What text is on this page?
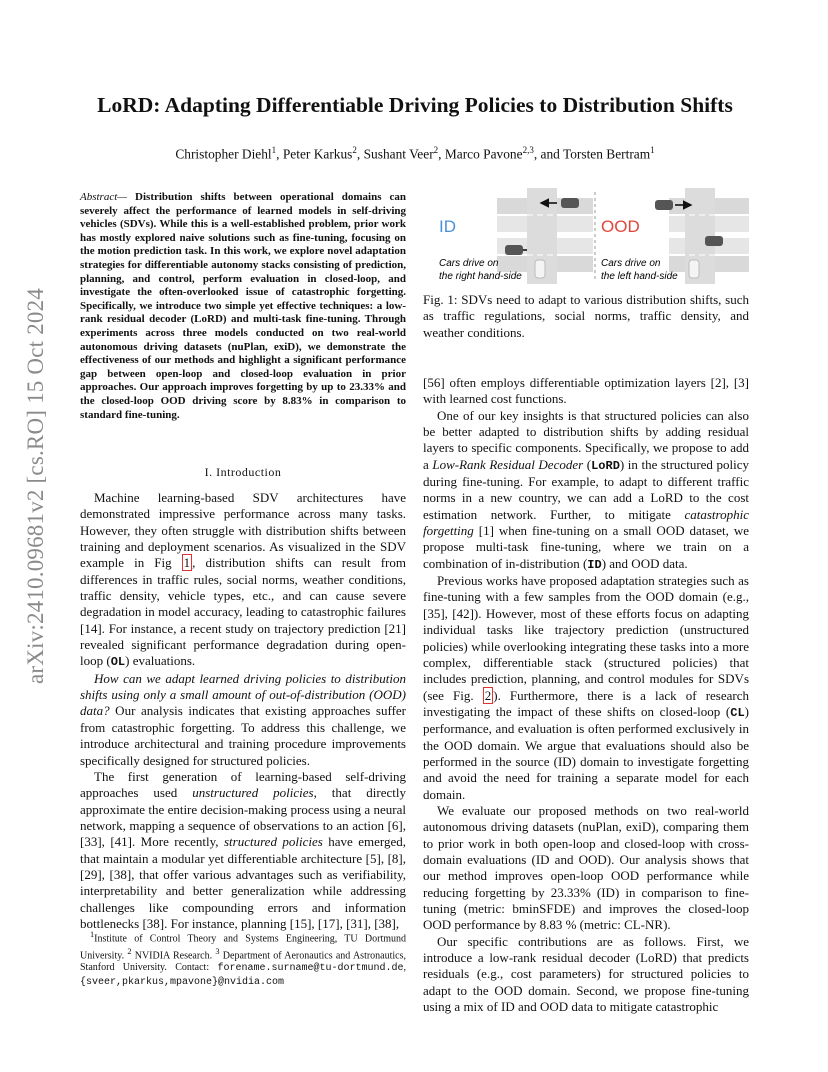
arXiv:2410.09681v2 [cs.RO] 15 Oct 2024
LoRD: Adapting Differentiable Driving Policies to Distribution Shifts

Christopher Diehl$^1$, Peter Karkus$^2$, Sushant Veer$^2$, Marco Pavone$^{2,3}$, and Torsten Bertram$^1$

Abstract— Distribution shifts between operational domains can severely affect the performance of learned models in self-driving vehicles (SDVs). While this is a well-established problem, prior work has mostly explored naive solutions such as fine-tuning, focusing on the motion prediction task. In this work, we explore novel adaptation strategies for differentiable autonomy stacks consisting of prediction, planning, and control, perform evaluation in closed-loop, and investigate the often-overlooked issue of catastrophic forgetting. Specifically, we introduce two simple yet effective techniques: a low-rank residual decoder (LoRD) and multi-task fine-tuning. Through experiments across three models conducted on two real-world autonomous driving datasets (nuPlan, exiD), we demonstrate the effectiveness of our methods and highlight a significant performance gap between open-loop and closed-loop evaluation in prior approaches. Our approach improves forgetting by up to 23.33% and the closed-loop OOD driving score by 8.83% in comparison to standard fine-tuning.
I. Introduction

Machine learning-based SDV architectures have demonstrated impressive performance across many tasks. However, they often struggle with distribution shifts between training and deployment scenarios. As visualized in the SDV example in Fig 1 , distribution shifts can result from differences in traffic rules, social norms, weather conditions, traffic density, vehicle types, etc., and can cause severe degradation in model accuracy, leading to catastrophic failures [14]. For instance, a recent study on trajectory prediction [21] revealed significant performance degradation during open-loop (OL) evaluations.

How can we adapt learned driving policies to distribution shifts using only a small amount of out-of-distribution (OOD) data? Our analysis indicates that existing approaches suffer from catastrophic forgetting. To address this challenge, we introduce architectural and training procedure improvements specifically designed for structured policies.

The first generation of learning-based self-driving approaches used unstructured policies, that directly approximate the entire decision-making process using a neural network, mapping a sequence of observations to an action [6], [33], [41]. More recently, structured policies have emerged, that maintain a modular yet differentiable architecture [5], [8], [29], [38], that offer various advantages such as verifiability, interpretability and better generalization while addressing challenges like compounding errors and information bottlenecks [38]. For instance, planning [15], [17], [31], [38],

$^1$Institute of Control Theory and Systems Engineering, TU Dortmund University. $^2$ NVIDIA Research. $^3$ Department of Aeronautics and Astronautics, Stanford University. Contact: forename.surname@tu-dortmund.de, {sveer,pkarkus,mpavone}@nvidia.com
ID	OOD
Cars drive on
the right hand-side
Cars drive on
the left hand-side
Fig. 1: SDVs need to adapt to various distribution shifts, such as traffic regulations, social norms, traffic density, and weather conditions.

[56] often employs differentiable optimization layers [2], [3] with learned cost functions.

One of our key insights is that structured policies can also be better adapted to distribution shifts by adding residual layers to specific components. Specifically, we propose to add a Low-Rank Residual Decoder (LoRD) in the structured policy during fine-tuning. For example, to adapt to different traffic norms in a new country, we can add a LoRD to the cost estimation network. Further, to mitigate catastrophic forgetting [1] when fine-tuning on a small OOD dataset, we propose multi-task fine-tuning, where we train on a combination of in-distribution (ID) and OOD data.

Previous works have proposed adaptation strategies such as fine-tuning with a few samples from the OOD domain (e.g., [35], [42]). However, most of these efforts focus on adapting individual tasks like trajectory prediction (unstructured policies) while overlooking integrating these tasks into a more complex, differentiable stack (structured policies) that includes prediction, planning, and control modules for SDVs (see Fig. 2 ). Furthermore, there is a lack of research investigating the impact of these shifts on closed-loop (CL) performance, and evaluation is often performed exclusively in the OOD domain. We argue that evaluations should also be performed in the source (ID) domain to investigate forgetting and avoid the need for training a separate model for each domain.

We evaluate our proposed methods on two real-world autonomous driving datasets (nuPlan, exiD), comparing them to prior work in both open-loop and closed-loop with cross-domain evaluations (ID and OOD). Our analysis shows that our method improves open-loop OOD performance while reducing forgetting by 23.33% (ID) in comparison to fine-tuning (metric: bminSFDE) and improves the closed-loop OOD performance by 8.83 % (metric: CL-NR).

Our specific contributions are as follows. First, we introduce a low-rank residual decoder (LoRD) that predicts residuals (e.g., cost parameters) for structured policies to adapt to the OOD domain. Second, we propose fine-tuning using a mix of ID and OOD data to mitigate catastrophic
